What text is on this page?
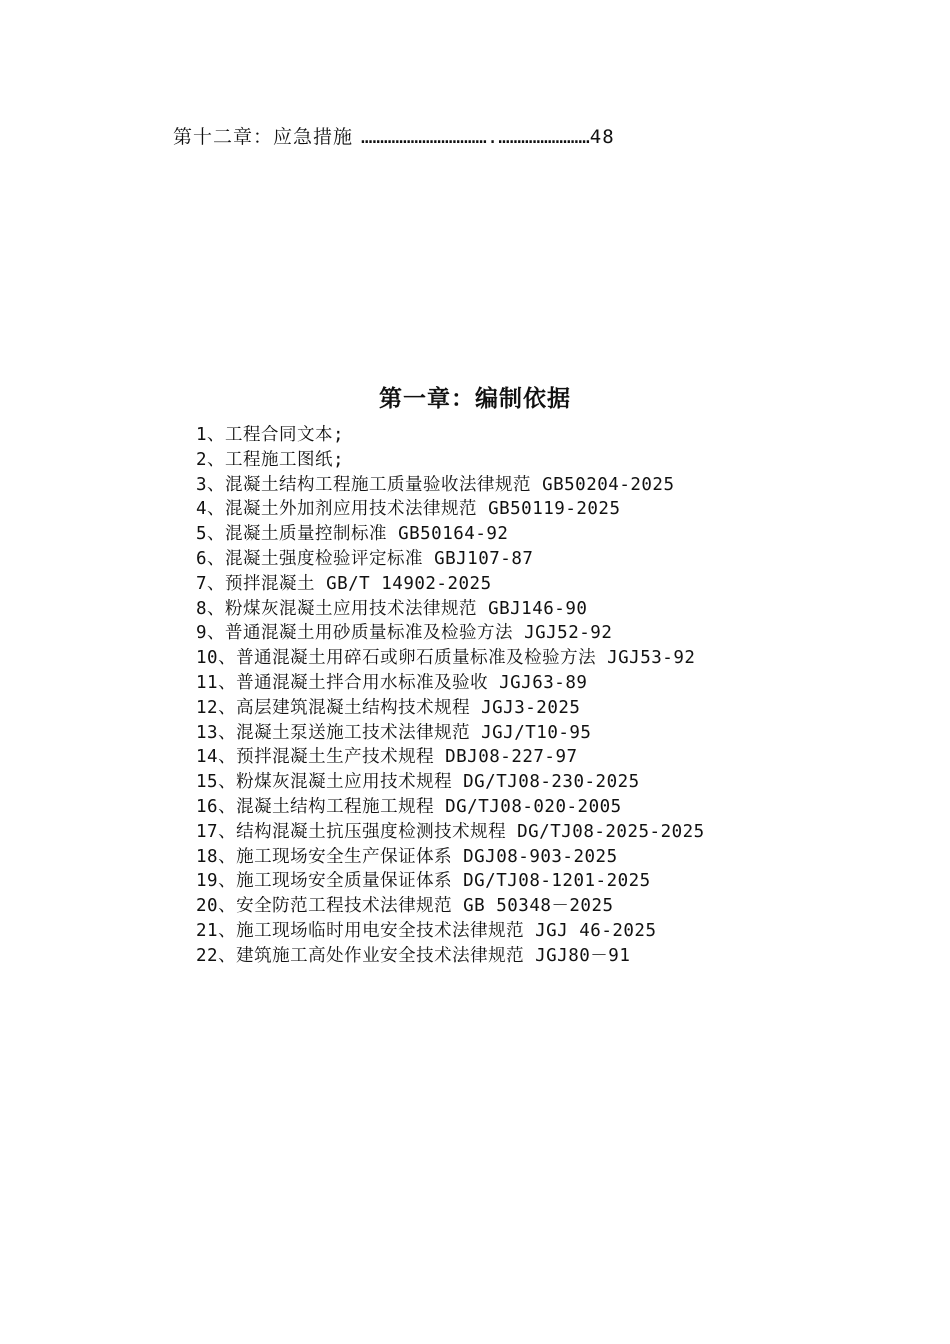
第十二章：应急措施 …………………………….……………………48
第一章：编制依据
1、工程合同文本;
2、工程施工图纸;
3、混凝土结构工程施工质量验收法律规范 GB50204-2025
4、混凝土外加剂应用技术法律规范 GB50119-2025
5、混凝土质量控制标准 GB50164-92
6、混凝土强度检验评定标准 GBJ107-87
7、预拌混凝土 GB/T 14902-2025
8、粉煤灰混凝土应用技术法律规范 GBJ146-90
9、普通混凝土用砂质量标准及检验方法 JGJ52-92
10、普通混凝土用碎石或卵石质量标准及检验方法 JGJ53-92
11、普通混凝土拌合用水标准及验收 JGJ63-89
12、高层建筑混凝土结构技术规程 JGJ3-2025
13、混凝土泵送施工技术法律规范 JGJ/T10-95
14、预拌混凝土生产技术规程 DBJ08-227-97
15、粉煤灰混凝土应用技术规程 DG/TJ08-230-2025
16、混凝土结构工程施工规程 DG/TJ08-020-2005
17、结构混凝土抗压强度检测技术规程 DG/TJ08-2025-2025
18、施工现场安全生产保证体系 DGJ08-903-2025
19、施工现场安全质量保证体系 DG/TJ08-1201-2025
20、安全防范工程技术法律规范 GB 50348－2025
21、施工现场临时用电安全技术法律规范 JGJ 46-2025
22、建筑施工高处作业安全技术法律规范 JGJ80－91
